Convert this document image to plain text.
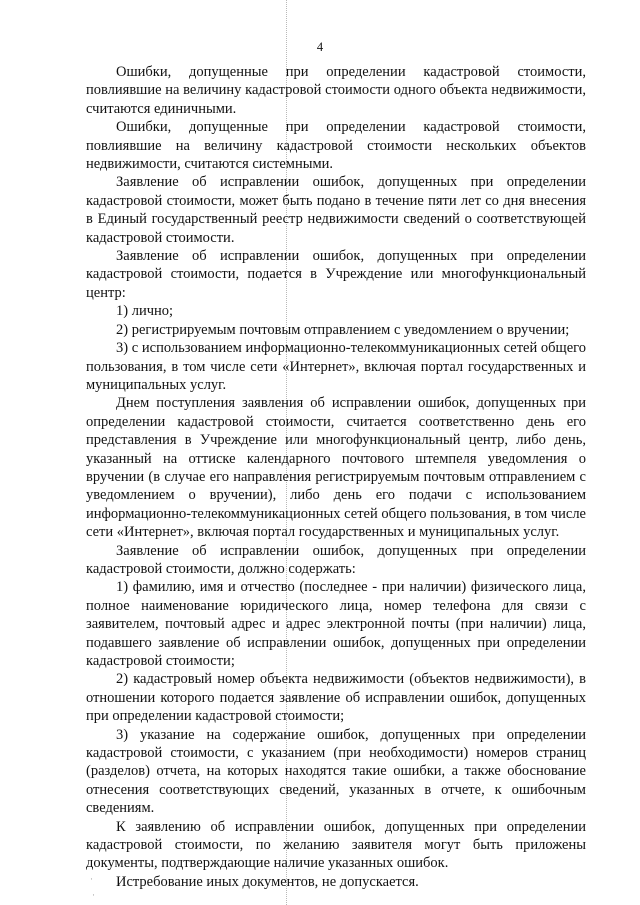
4

Ошибки, допущенные при определении кадастровой стоимости, повлиявшие на величину кадастровой стоимости одного объекта недвижимости, считаются единичными.

Ошибки, допущенные при определении кадастровой стоимости, повлиявшие на величину кадастровой стоимости нескольких объектов недвижимости, считаются системными.

Заявление об исправлении ошибок, допущенных при определении кадастровой стоимости, может быть подано в течение пяти лет со дня внесения в Единый государственный реестр недвижимости сведений о соответствующей кадастровой стоимости.

Заявление об исправлении ошибок, допущенных при определении кадастровой стоимости, подается в Учреждение или многофункциональный центр:

1) лично;

2) регистрируемым почтовым отправлением с уведомлением о вручении;

3) с использованием информационно-телекоммуникационных сетей общего пользования, в том числе сети «Интернет», включая портал государственных и муниципальных услуг.

Днем поступления заявления об исправлении ошибок, допущенных при определении кадастровой стоимости, считается соответственно день его представления в Учреждение или многофункциональный центр, либо день, указанный на оттиске календарного почтового штемпеля уведомления о вручении (в случае его направления регистрируемым почтовым отправлением с уведомлением о вручении), либо день его подачи с использованием информационно-телекоммуникационных сетей общего пользования, в том числе сети «Интернет», включая портал государственных и муниципальных услуг.

Заявление об исправлении ошибок, допущенных при определении кадастровой стоимости, должно содержать:

1) фамилию, имя и отчество (последнее - при наличии) физического лица, полное наименование юридического лица, номер телефона для связи с заявителем, почтовый адрес и адрес электронной почты (при наличии) лица, подавшего заявление об исправлении ошибок, допущенных при определении кадастровой стоимости;

2) кадастровый номер объекта недвижимости (объектов недвижимости), в отношении которого подается заявление об исправлении ошибок, допущенных при определении кадастровой стоимости;

3) указание на содержание ошибок, допущенных при определении кадастровой стоимости, с указанием (при необходимости) номеров страниц (разделов) отчета, на которых находятся такие ошибки, а также обоснование отнесения соответствующих сведений, указанных в отчете, к ошибочным сведениям.

К заявлению об исправлении ошибок, допущенных при определении кадастровой стоимости, по желанию заявителя могут быть приложены документы, подтверждающие наличие указанных ошибок.

Истребование иных документов, не допускается.

·
·
